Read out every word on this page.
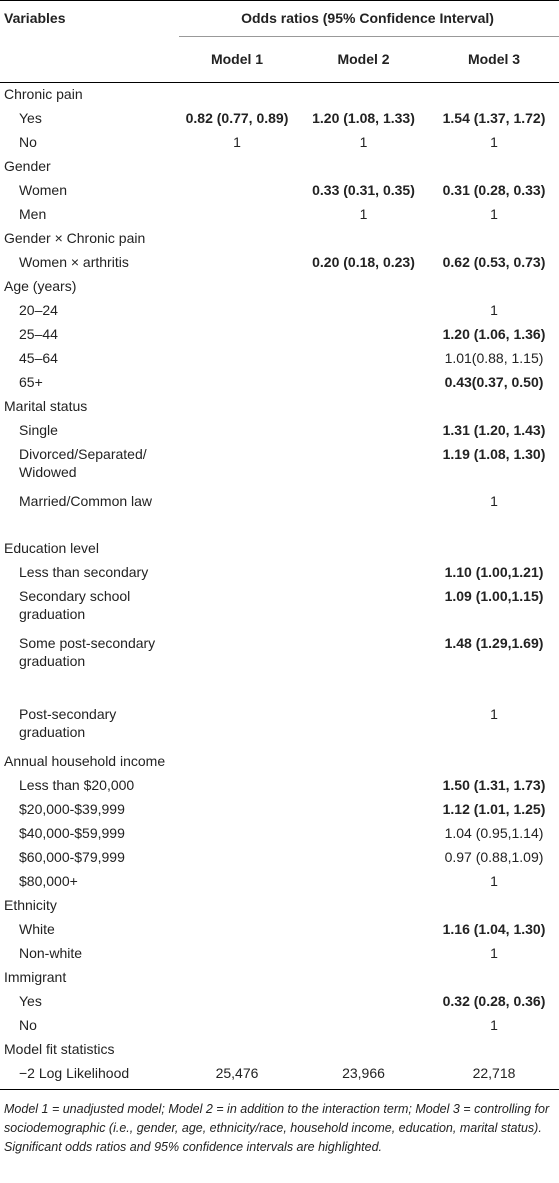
Variables	Odds ratios (95% Confidence Interval)		
	Model 1	Model 2	Model 3
Chronic pain			
Yes	0.82 (0.77, 0.89)	1.20 (1.08, 1.33)	1.54 (1.37, 1.72)
No	1	1	1
Gender			
Women		0.33 (0.31, 0.35)	0.31 (0.28, 0.33)
Men		1	1
Gender × Chronic pain			
Women × arthritis		0.20 (0.18, 0.23)	0.62 (0.53, 0.73)
Age (years)			
20–24			1
25–44			1.20 (1.06, 1.36)
45–64			1.01(0.88, 1.15)
65+			0.43(0.37, 0.50)
Marital status			
Single			1.31 (1.20, 1.43)
Divorced/Separated/ Widowed			1.19 (1.08, 1.30)
Married/Common law			1
Education level			
Less than secondary			1.10 (1.00,1.21)
Secondary school graduation			1.09 (1.00,1.15)
Some post-secondary graduation			1.48 (1.29,1.69)
Post-secondary graduation			1
Annual household income			
Less than $20,000			1.50 (1.31, 1.73)
$20,000-$39,999			1.12 (1.01, 1.25)
$40,000-$59,999			1.04 (0.95,1.14)
$60,000-$79,999			0.97 (0.88,1.09)
$80,000+			1
Ethnicity			
White			1.16 (1.04, 1.30)
Non-white			1
Immigrant			
Yes			0.32 (0.28, 0.36)
No			1
Model fit statistics			
−2 Log Likelihood	25,476	23,966	22,718
Model 1 = unadjusted model; Model 2 = in addition to the interaction term; Model 3 = controlling for sociodemographic (i.e., gender, age, ethnicity/race, household income, education, marital status). Significant odds ratios and 95% confidence intervals are highlighted.
